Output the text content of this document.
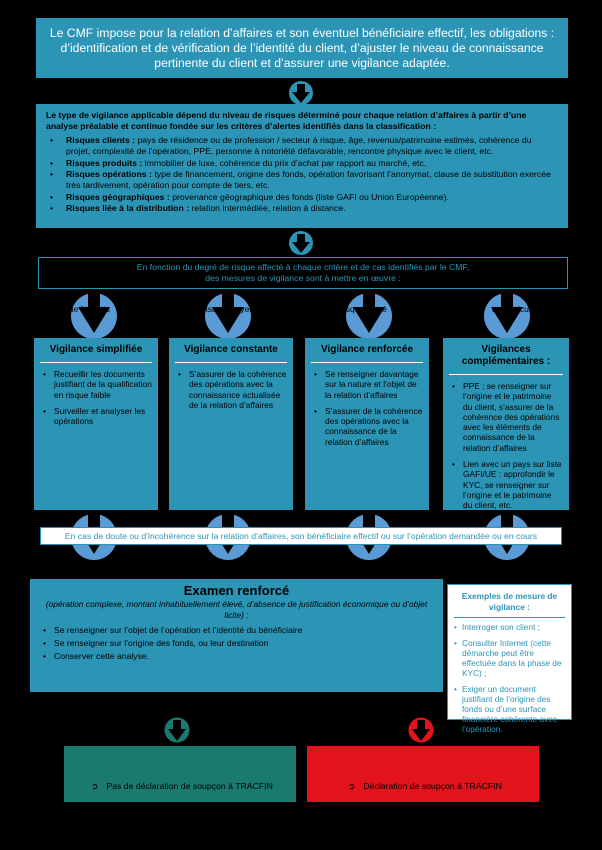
Le CMF impose pour la relation d’affaires et son éventuel bénéficiaire effectif, les obligations : d’identification et de vérification de l’identité du client, d’ajuster le niveau de connaissance pertinente du client et d’assurer une vigilance adaptée.
Le type de vigilance applicable dépend du niveau de risques déterminé pour chaque relation d’affaires à partir d’une analyse préalable et continue fondée sur les critères d’alertes identifiés dans la classification :
• Risques clients : pays de résidence ou de profession / secteur à risque, âge, revenus/patrimoine estimés, cohérence du projet, complexité de l’opération, PPE, personne à notoriété défavorable, rencontre physique avec le client, etc.
• Risques produits : immobilier de luxe, cohérence du prix d’achat par rapport au marché, etc.
• Risques opérations : type de financement, origine des fonds, opération favorisant l’anonymat, clause de substitution exercée très tardivement, opération pour compte de tiers, etc.
• Risques géographiques : provenance géographique des fonds (liste GAFI ou Union Européenne).
• Risques liée à la distribution : relation intermédiée, relation à distance.
En fonction du degré de risque affecté à chaque critère et de cas identifiés par le CMF,
des mesures de vigilance sont à mettre en œuvre :
que faible ju	risque moyen	risque élevé	as particulie
Vigilance simplifiée
• Recueillir les documents justifiant de la qualification en risque faible
• Surveiller et analyser les opérations
Vigilance constante
• S’assurer de la cohérence des opérations avec la connaissance actualisée de la relation d’affaires
Vigilance renforcée
• Se renseigner davantage sur la nature et l’objet de la relation d’affaires
• S’assurer de la cohérence des opérations avec la connaissance de la relation d’affaires
Vigilances complémentaires :
• PPE : se renseigner sur l’origine et le patrimoine du client, s’assurer de la cohérence des opérations avec les éléments de connaissance de la relation d’affaires
• Lien avec un pays sur liste GAFI/UE : approfondir le KYC, se renseigner sur l’origine et le patrimoine du client, etc.
En cas de doute ou d’incohérence sur la relation d’affaires, son bénéficiaire effectif ou sur l’opération demandée ou en cours
Examen renforcé
(opération complexe, montant inhabituellement élevé, d’absence de justification économique ou d’objet licite) :
• Se renseigner sur l’objet de l’opération et l’identité du bénéficiaire
• Se renseigner sur l’origine des fonds, ou leur destination
• Conserver cette analyse.
Exemples de mesure de vigilance :
• Interroger son client ;
• Consulter Internet (cette démarche peut être effectuée dans la phase de KYC) ;
• Exiger un document justifiant de l’origine des fonds ou d’une surface financière cohérente avec l’opération.
➲ Pas de déclaration de soupçon à TRACFIN
➲	Déclaration de soupçon à TRACFIN
